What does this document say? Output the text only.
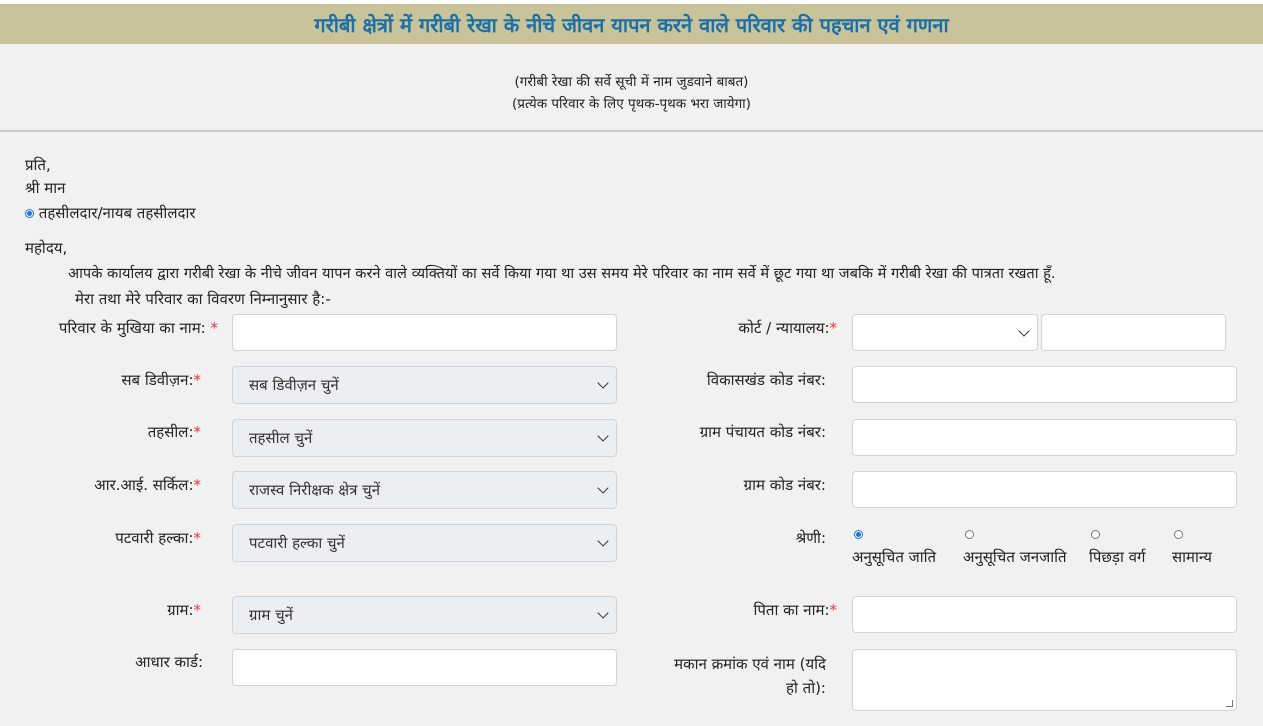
गरीबी क्षेत्रों में गरीबी रेखा के नीचे जीवन यापन करने वाले परिवार की पहचान एवं गणना
(गरीबी रेखा की सर्वे सूची में नाम जुडवाने बाबत)
(प्रत्येक परिवार के लिए पृथक-पृथक भरा जायेगा)
प्रति,
श्री मान
तहसीलदार/नायब तहसीलदार
महोदय,
आपके कार्यालय द्वारा गरीबी रेखा के नीचे जीवन यापन करने वाले व्यक्तियों का सर्वे किया गया था उस समय मेरे परिवार का नाम सर्वे में छूट गया था जबकि में गरीबी रेखा की पात्रता रखता हूँ.
मेरा तथा मेरे परिवार का विवरण निम्नानुसार है:-
परिवार के मुखिया का नाम: *	कोर्ट / न्यायालय:*
सब डिवीज़न:*	सब डिवीज़न चुनें	विकासखंड कोड नंबर:
तहसील:*	तहसील चुनें	ग्राम पंचायत कोड नंबर:
आर.आई. सर्किल:*	राजस्व निरीक्षक क्षेत्र चुनें	ग्राम कोड नंबर:
पटवारी हल्का:*	पटवारी हल्का चुनें	श्रेणी:
अनुसूचित जाति अनुसूचित जनजाति पिछड़ा वर्ग सामान्य
ग्राम:*	ग्राम चुनें	पिता का नाम:*
आधार कार्ड:	मकान क्रमांक एवं नाम (यदि
हो तो):
